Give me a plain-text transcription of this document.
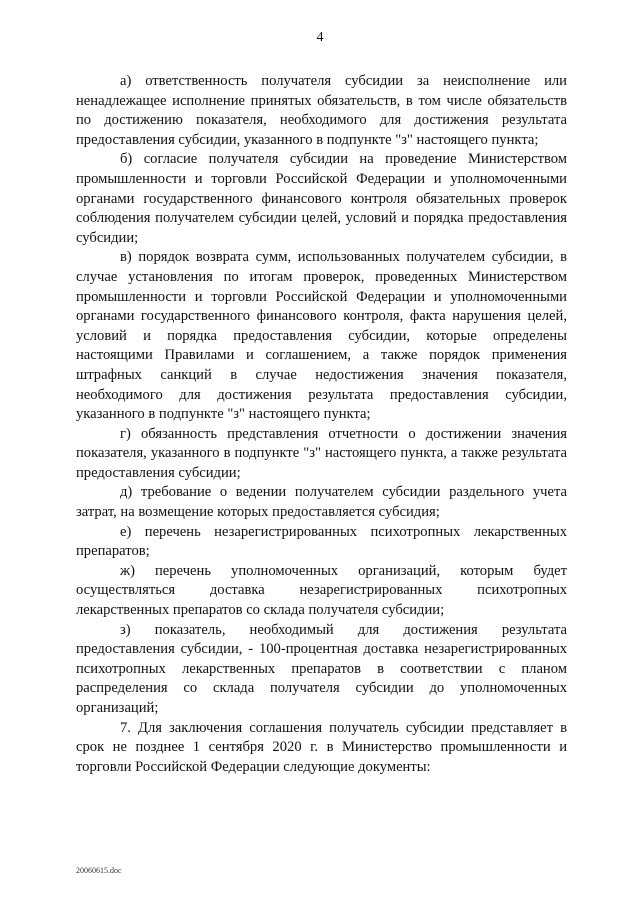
4

а) ответственность получателя субсидии за неисполнение или ненадлежащее исполнение принятых обязательств, в том числе обязательств по достижению показателя, необходимого для достижения результата предоставления субсидии, указанного в подпункте "з" настоящего пункта;

б) согласие получателя субсидии на проведение Министерством промышленности и торговли Российской Федерации и уполномоченными органами государственного финансового контроля обязательных проверок соблюдения получателем субсидии целей, условий и порядка предоставления субсидии;

в) порядок возврата сумм, использованных получателем субсидии, в случае установления по итогам проверок, проведенных Министерством промышленности и торговли Российской Федерации и уполномоченными органами государственного финансового контроля, факта нарушения целей, условий и порядка предоставления субсидии, которые определены настоящими Правилами и соглашением, а также порядок применения штрафных санкций в случае недостижения значения показателя, необходимого для достижения результата предоставления субсидии, указанного в подпункте "з" настоящего пункта;

г) обязанность представления отчетности о достижении значения показателя, указанного в подпункте "з" настоящего пункта, а также результата предоставления субсидии;

д) требование о ведении получателем субсидии раздельного учета затрат, на возмещение которых предоставляется субсидия;

е) перечень незарегистрированных психотропных лекарственных препаратов;

ж) перечень уполномоченных организаций, которым будет осуществляться доставка незарегистрированных психотропных лекарственных препаратов со склада получателя субсидии;

з) показатель, необходимый для достижения результата предоставления субсидии, - 100-процентная доставка незарегистрированных психотропных лекарственных препаратов в соответствии с планом распределения со склада получателя субсидии до уполномоченных организаций;

7. Для заключения соглашения получатель субсидии представляет в срок не позднее 1 сентября 2020 г. в Министерство промышленности и торговли Российской Федерации следующие документы:

20060615.doc
